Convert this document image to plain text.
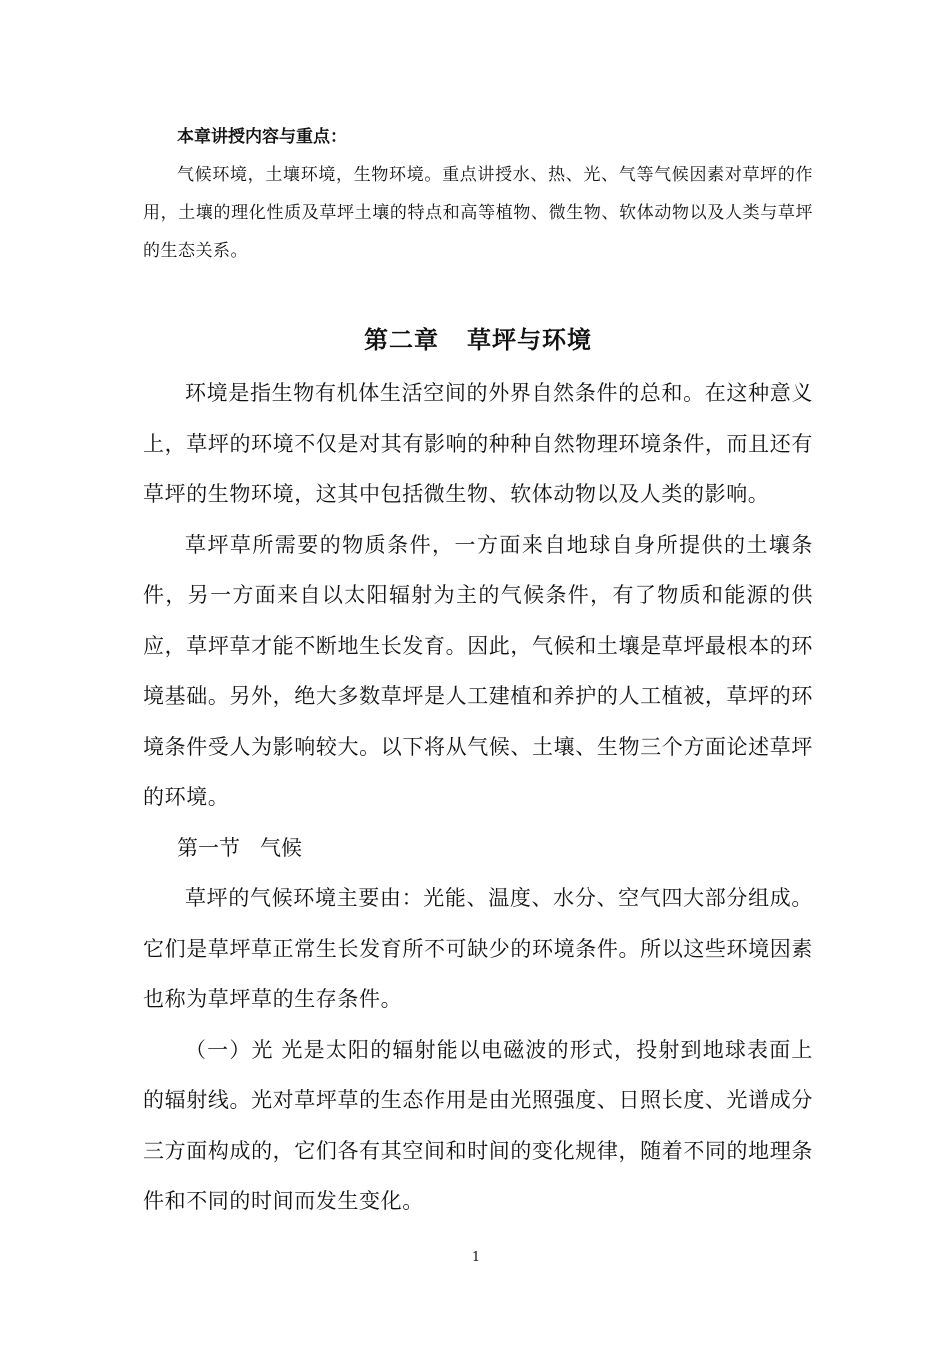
本章讲授内容与重点：
气候环境，土壤环境，生物环境。重点讲授水、热、光、气等气候因素对草坪的作用，土壤的理化性质及草坪土壤的特点和高等植物、微生物、软体动物以及人类与草坪的生态关系。
第二章   草坪与环境

环境是指生物有机体生活空间的外界自然条件的总和。在这种意义上，草坪的环境不仅是对其有影响的种种自然物理环境条件，而且还有草坪的生物环境，这其中包括微生物、软体动物以及人类的影响。

草坪草所需要的物质条件，一方面来自地球自身所提供的土壤条件，另一方面来自以太阳辐射为主的气候条件，有了物质和能源的供应，草坪草才能不断地生长发育。因此，气候和土壤是草坪最根本的环境基础。另外，绝大多数草坪是人工建植和养护的人工植被，草坪的环境条件受人为影响较大。以下将从气候、土壤、生物三个方面论述草坪的环境。

第一节   气候

草坪的气候环境主要由：光能、温度、水分、空气四大部分组成。它们是草坪草正常生长发育所不可缺少的环境条件。所以这些环境因素也称为草坪草的生存条件。

（一）光 光是太阳的辐射能以电磁波的形式，投射到地球表面上的辐射线。光对草坪草的生态作用是由光照强度、日照长度、光谱成分三方面构成的，它们各有其空间和时间的变化规律，随着不同的地理条件和不同的时间而发生变化。

1
